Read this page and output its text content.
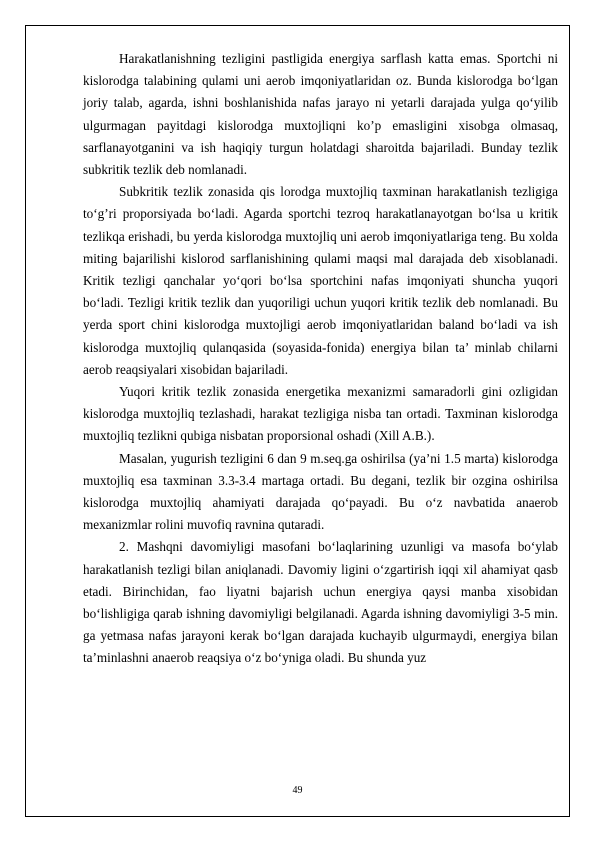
Harakatlanishning tezligini pastligida energiya sarflash katta emas. Sportchi ni kislorodga talabining qulami uni aerob imqoniyatlaridan oz. Bunda kislorodga bo‘lgan joriy talab, agarda, ishni boshlanishida nafas jarayo ni yetarli darajada yulga qo‘yilib ulgurmagan payitdagi kislorodga muxtojliqni ko’p emasligini xisobga olmasaq, sarflanayotganini va ish haqiqiy turgun holatdagi sharoitda bajariladi. Bunday tezlik subkritik tezlik deb nomlanadi.

Subkritik tezlik zonasida qis lorodga muxtojliq taxminan harakatlanish tezligiga to‘g’ri proporsiyada bo‘ladi. Agarda sportchi tezroq harakatlanayotgan bo‘lsa u kritik tezlikqa erishadi, bu yerda kislorodga muxtojliq uni aerob imqoniyatlariga teng. Bu xolda miting bajarilishi kislorod sarflanishining qulami maqsi mal darajada deb xisoblanadi. Kritik tezligi qanchalar yo‘qori bo‘lsa sportchini nafas imqoniyati shuncha yuqori bo‘ladi. Tezligi kritik tezlik dan yuqoriligi uchun yuqori kritik tezlik deb nomlanadi. Bu yerda sport chini kislorodga muxtojligi aerob imqoniyatlaridan baland bo‘ladi va ish kislorodga muxtojliq qulanqasida (soyasida-fonida) energiya bilan ta’ minlab chilarni aerob reaqsiyalari xisobidan bajariladi.

Yuqori kritik tezlik zonasida energetika mexanizmi samaradorli gini ozligidan kislorodga muxtojliq tezlashadi, harakat tezligiga nisba tan ortadi. Taxminan kislorodga muxtojliq tezlikni qubiga nisbatan proporsional oshadi (Xill A.B.).

Masalan, yugurish tezligini 6 dan 9 m.seq.ga oshirilsa (ya’ni 1.5 marta) kislorodga muxtojliq esa taxminan 3.3-3.4 martaga ortadi. Bu degani, tezlik bir ozgina oshirilsa kislorodga muxtojliq ahamiyati darajada qo‘payadi. Bu o‘z navbatida anaerob mexanizmlar rolini muvofiq ravnina qutaradi.

2. Mashqni davomiyligi masofani bo‘laqlarining uzunligi va masofa bo‘ylab harakatlanish tezligi bilan aniqlanadi. Davomiy ligini o‘zgartirish iqqi xil ahamiyat qasb etadi. Birinchidan, fao liyatni bajarish uchun energiya qaysi manba xisobidan bo‘lishligiga qarab ishning davomiyligi belgilanadi. Agarda ishning davomiyligi 3-5 min. ga yetmasa nafas jarayoni kerak bo‘lgan darajada kuchayib ulgurmaydi, energiya bilan ta’minlashni anaerob reaqsiya o‘z bo‘yniga oladi. Bu shunda yuz

49
